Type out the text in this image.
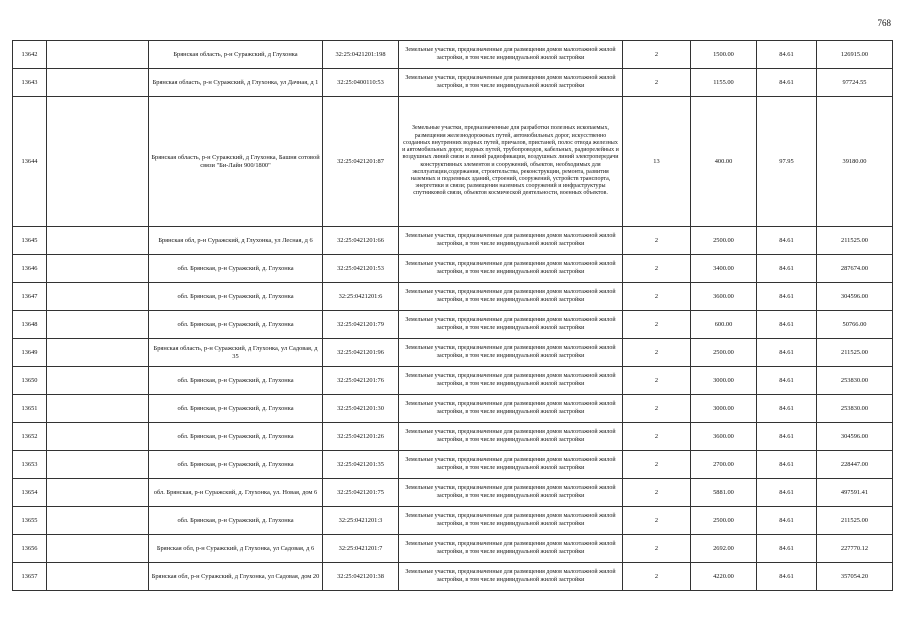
768
13642		Брянская область, р-н Суражский, д Глухонка	32:25:0421201:198	Земельные участки, предназначенные для размещения домов малоэтажной жилой застройки, в том числе индивидуальной жилой застройки	2	1500.00	84.61	126915.00
13643		Брянская область, р-н Суражский, д Глухонка, ул Дачная, д 1	32:25:0400110:53	Земельные участки, предназначенные для размещения домов малоэтажной жилой застройки, в том числе индивидуальной жилой застройки	2	1155.00	84.61	97724.55
13644		Брянская область, р-н Суражский, д Глухонка, Башня сотовой связи "Би-Лайн 900/1800"	32:25:0421201:87	Земельные участки, предназначенные для разработки полезных ископаемых, размещения железнодорожных путей, автомобильных дорог, искусственно созданных внутренних водных путей, причалов, пристаней, полос отвода железных и автомобильных дорог, водных путей, трубопроводов, кабельных, радиорелейных и воздушных линий связи и линий радиофикации, воздушных линий электропередачи конструктивных элементов и сооружений, объектов, необходимых для эксплуатации,содержания, строительства, реконструкции, ремонта, развития наземных и подземных зданий, строений, сооружений, устройств транспорта, энергетики и связи; размещения наземных сооружений и инфраструктуры спутниковой связи, объектов космической деятельности, военных объектов.	13	400.00	97.95	39180.00
13645		Брянская обл, р-н Суражский, д Глухонка, ул Лесная, д 6	32:25:0421201:66	Земельные участки, предназначенные для размещения домов малоэтажной жилой застройки, в том числе индивидуальной жилой застройки	2	2500.00	84.61	211525.00
13646		обл. Брянская, р-н Суражский, д. Глухонка	32:25:0421201:53	Земельные участки, предназначенные для размещения домов малоэтажной жилой застройки, в том числе индивидуальной жилой застройки	2	3400.00	84.61	287674.00
13647		обл. Брянская, р-н Суражский, д. Глухонка	32:25:0421201:6	Земельные участки, предназначенные для размещения домов малоэтажной жилой застройки, в том числе индивидуальной жилой застройки	2	3600.00	84.61	304596.00
13648		обл. Брянская, р-н Суражский, д. Глухонка	32:25:0421201:79	Земельные участки, предназначенные для размещения домов малоэтажной жилой застройки, в том числе индивидуальной жилой застройки	2	600.00	84.61	50766.00
13649		Брянская область, р-н Суражский, д Глухонка, ул Садовая, д 35	32:25:0421201:96	Земельные участки, предназначенные для размещения домов малоэтажной жилой застройки, в том числе индивидуальной жилой застройки	2	2500.00	84.61	211525.00
13650		обл. Брянская, р-н Суражский, д. Глухонка	32:25:0421201:76	Земельные участки, предназначенные для размещения домов малоэтажной жилой застройки, в том числе индивидуальной жилой застройки	2	3000.00	84.61	253830.00
13651		обл. Брянская, р-н Суражский, д. Глухонка	32:25:0421201:30	Земельные участки, предназначенные для размещения домов малоэтажной жилой застройки, в том числе индивидуальной жилой застройки	2	3000.00	84.61	253830.00
13652		обл. Брянская, р-н Суражский, д. Глухонка	32:25:0421201:26	Земельные участки, предназначенные для размещения домов малоэтажной жилой застройки, в том числе индивидуальной жилой застройки	2	3600.00	84.61	304596.00
13653		обл. Брянская, р-н Суражский, д. Глухонка	32:25:0421201:35	Земельные участки, предназначенные для размещения домов малоэтажной жилой застройки, в том числе индивидуальной жилой застройки	2	2700.00	84.61	228447.00
13654		обл. Брянская, р-н Суражский, д. Глухонка, ул. Новая, дом 6	32:25:0421201:75	Земельные участки, предназначенные для размещения домов малоэтажной жилой застройки, в том числе индивидуальной жилой застройки	2	5881.00	84.61	497591.41
13655		обл. Брянская, р-н Суражский, д. Глухонка	32:25:0421201:3	Земельные участки, предназначенные для размещения домов малоэтажной жилой застройки, в том числе индивидуальной жилой застройки	2	2500.00	84.61	211525.00
13656		Брянская обл, р-н Суражский, д Глухонка, ул Садовая, д 6	32:25:0421201:7	Земельные участки, предназначенные для размещения домов малоэтажной жилой застройки, в том числе индивидуальной жилой застройки	2	2692.00	84.61	227770.12
13657		Брянская обл, р-н Суражский, д Глухонка, ул Садовая, дом 20	32:25:0421201:38	Земельные участки, предназначенные для размещения домов малоэтажной жилой застройки, в том числе индивидуальной жилой застройки	2	4220.00	84.61	357054.20
